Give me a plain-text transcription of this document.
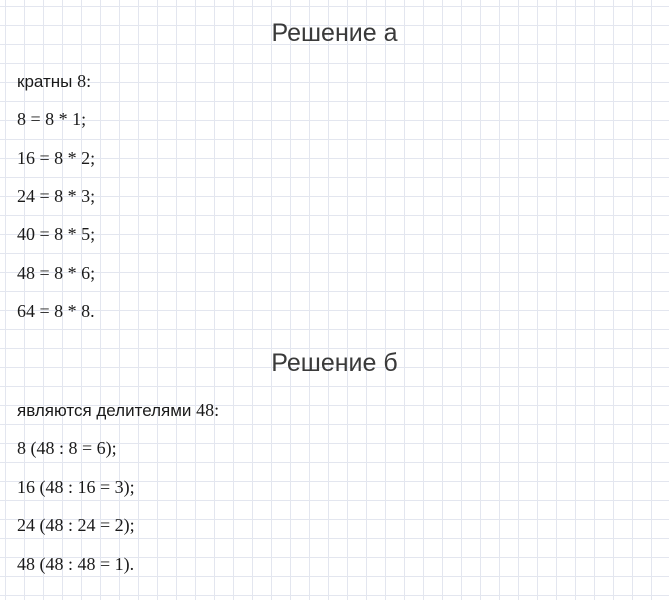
Решение а
кратны 8:
8 = 8 * 1;
16 = 8 * 2;
24 = 8 * 3;
40 = 8 * 5;
48 = 8 * 6;
64 = 8 * 8.
Решение б
являются делителями 48:
8 (48 : 8 = 6);
16 (48 : 16 = 3);
24 (48 : 24 = 2);
48 (48 : 48 = 1).
